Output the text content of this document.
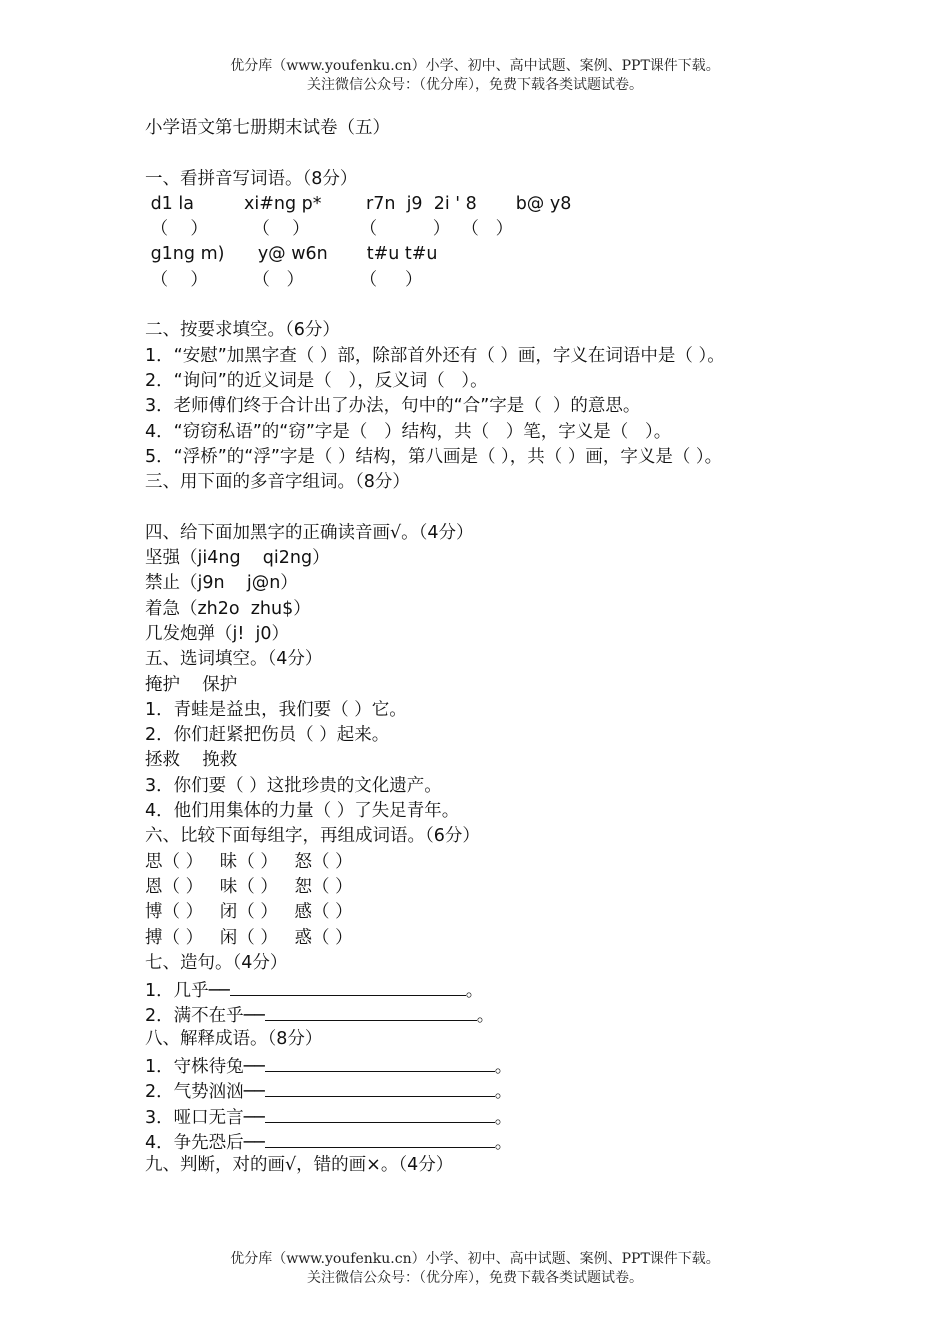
优分库（www.youfenku.cn）小学、初中、高中试题、案例、PPT课件下载。
关注微信公众号：（优分库），免费下载各类试题试卷。
小学语文第七册期末试卷（五）
一、看拼音写词语。（8分）
d1 la         xi#ng p*        r7n  j9  2i ' 8       b@ y8
（    ）        （    ）         （          ）  （   ）
g1ng m)      y@ w6n       t#u t#u
（    ）        （   ）          （     ）
二、按要求填空。（6分）
1．“安慰”加黑字查（ ）部，除部首外还有（ ）画，字义在词语中是（ ）。
2．“询问”的近义词是（   ），反义词（   ）。
3．老师傅们终于合计出了办法，句中的“合”字是（  ）的意思。
4．“窃窃私语”的“窃”字是（   ）结构，共（   ）笔，字义是（   ）。
5．“浮桥”的“浮”字是（ ）结构，第八画是（ ），共（ ）画，字义是（ ）。
三、用下面的多音字组词。（8分）
四、给下面加黑字的正确读音画√。（4分）
坚强（ji4ng    qi2ng）
禁止（j9n    j@n）
着急（zh2o  zhu$）
几发炮弹（j!  j0）
五、选词填空。（4分）
掩护    保护
1．青蛙是益虫，我们要（ ）它。
2．你们赶紧把伤员（ ）起来。
拯救    挽救
3．你们要（ ）这批珍贵的文化遗产。
4．他们用集体的力量（ ）了失足青年。
六、比较下面每组字，再组成词语。（6分）
思（ ）   昧（ ）   怒（ ）
恩（ ）   味（ ）   恕（ ）
博（ ）   闭（ ）   感（ ）
搏（ ）   闲（ ）   惑（ ）
七、造句。（4分）
1．几乎──	。
2．满不在乎──	。
八、解释成语。（8分）
1．守株待兔──	。
2．气势汹汹──	。
3．哑口无言──	。
4．争先恐后──	。
九、判断，对的画√，错的画×。（4分）
优分库（www.youfenku.cn）小学、初中、高中试题、案例、PPT课件下载。
关注微信公众号：（优分库），免费下载各类试题试卷。
